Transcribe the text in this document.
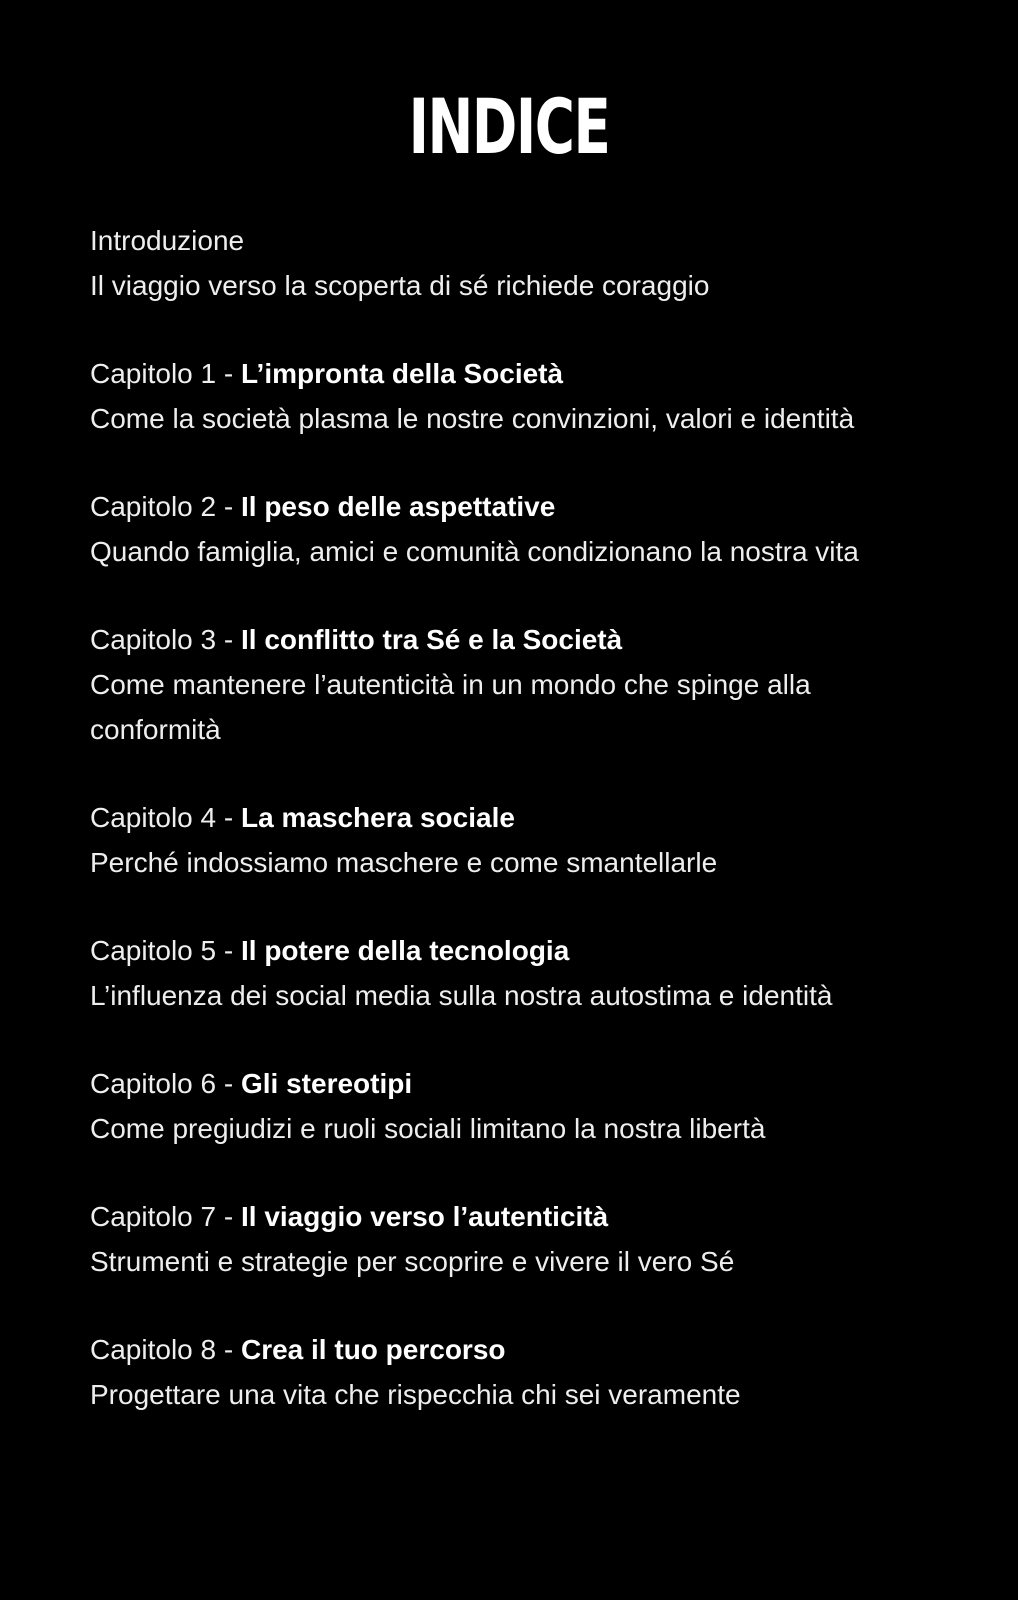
INDICE
Introduzione
Il viaggio verso la scoperta di sé richiede coraggio
Capitolo 1 - L’impronta della Società
Come la società plasma le nostre convinzioni, valori e identità
Capitolo 2 - Il peso delle aspettative
Quando famiglia, amici e comunità condizionano la nostra vita
Capitolo 3 - Il conflitto tra Sé e la Società
Come mantenere l’autenticità in un mondo che spinge alla conformità
Capitolo 4 - La maschera sociale
Perché indossiamo maschere e come smantellarle
Capitolo 5 - Il potere della tecnologia
L’influenza dei social media sulla nostra autostima e identità
Capitolo 6 - Gli stereotipi
Come pregiudizi e ruoli sociali limitano la nostra libertà
Capitolo 7 - Il viaggio verso l’autenticità
Strumenti e strategie per scoprire e vivere il vero Sé
Capitolo 8 - Crea il tuo percorso
Progettare una vita che rispecchia chi sei veramente
